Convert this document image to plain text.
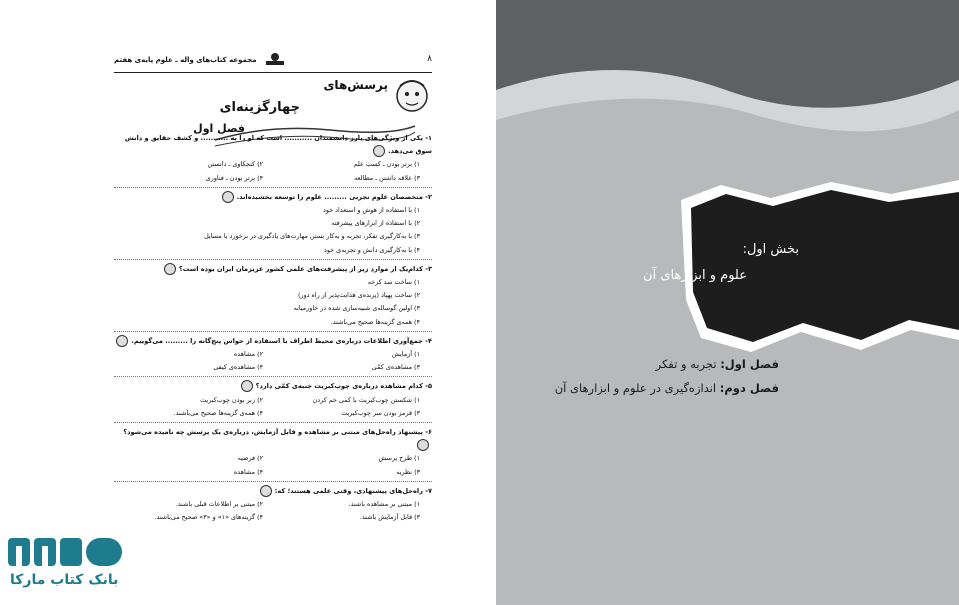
۸
مجموعه کتاب‌های واله ـ علوم پایه‌ی هفتم
پرسش‌های
چهارگزینه‌ای
فصل اول
۱- یکی از ویژگی‌های بارز دانشمندان ........... است که او را به ........... و کشف حقایق و دانش سوق می‌دهد.
۱) برتر بودن ـ کسب علم
۲) کنجکاوی ـ دانستن
۳) علاقه داشتن ـ مطالعه
۴) برتر بودن ـ فناوری
۲- متخصصان علوم تجربی ......... علوم را توسعه بخشیده‌اند.
۱) با استفاده از هوش و استعداد خود
۲) با استفاده از ابزارهای پیشرفته
۳) با به‌کارگیری تفکر، تجربه و به‌کار بستن مهارت‌های یادگیری در برخورد با مسایل
۴) با به‌کارگیری دانش و تجربه‌ی خود
۳- کدام‌یک از موارد زیر از پیشرفت‌های علمی کشور عزیزمان ایران بوده است؟
۱) ساخت سد کرخه
۲) ساخت پهپاد (پرنده‌ی هدایت‌پذیر از راه دور)
۳) اولین گوساله‌ی شبیه‌سازی شده در خاورمیانه
۴) همه‌ی گزینه‌ها صحیح می‌باشند.
۴- جمع‌آوری اطلاعات درباره‌ی محیط اطراف با استفاده از حواس پنج‌گانه را ......... می‌گوییم.
۱) آزمایش
۲) مشاهده
۳) مشاهده‌ی کمّی
۴) مشاهده‌ی کیفی
۵- کدام مشاهده درباره‌ی چوب‌کبریت جنبه‌ی کمّی دارد؟
۱) شکستن چوب‌کبریت با کمی خم کردن
۲) زبر بودن چوب‌کبریت
۳) قرمز بودن سر چوب‌کبریت
۴) همه‌ی گزینه‌ها صحیح می‌باشند.
۶- پیشنهاد راه‌حل‌های مبتنی بر مشاهده و قابل آزمایش، درباره‌ی یک پرسش چه نامیده می‌شود؟
۱) طرح پرسش
۲) فرضیه
۳) نظریه
۴) مشاهده
۷- راه‌حل‌های پیشنهادی، وقتی علمی هستند؛ که:
۱) مبتنی بر مشاهده باشند.
۲) مبتنی بر اطلاعات قبلی باشند.
۳) قابل آزمایش باشند.
۴) گزینه‌های «۱» و «۳» صحیح می‌باشند.
بخش اول:
علوم و ابزارهای آن
فصل اول: تجربه و تفکر
فصل دوم: اندازه‌گیری در علوم و ابزارهای آن
بانک کتاب مارکا
